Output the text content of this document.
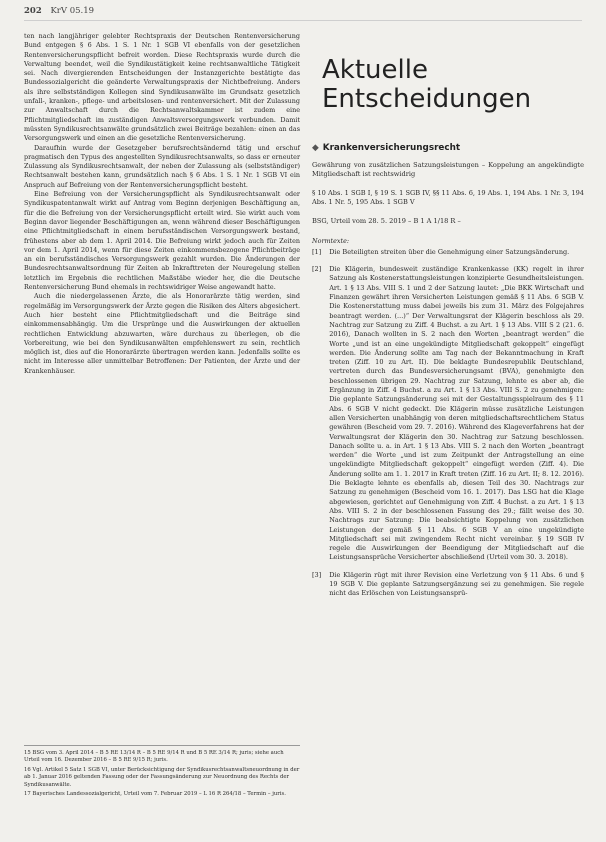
202 KrV 05.19

ten nach langjähriger gelebter Rechtspraxis der Deutschen Rentenversicherung Bund entgegen § 6 Abs. 1 S. 1 Nr. 1 SGB VI ebenfalls von der gesetzlichen Rentenversicherungspflicht befreit worden. Diese Rechtspraxis wurde durch die Verwaltung beendet, weil die Syndikustätigkeit keine rechtsanwaltliche Tätigkeit sei. Nach divergierenden Entscheidungen der Instanzgerichte bestätigte das Bundessozialgericht die geänderte Verwaltungspraxis der Nichtbefreiung. Anders als ihre selbstständigen Kollegen sind Syndikusanwälte im Grundsatz gesetzlich unfall-, kranken-, pflege- und arbeitslosen- und rentenversichert. Mit der Zulassung zur Anwaltschaft durch die Rechtsanwaltskammer ist zudem eine Pflichtmitgliedschaft im zuständigen Anwaltsversorgungswerk verbunden. Damit müssten Syndikusrechtsanwälte grundsätzlich zwei Beiträge bezahlen: einen an das Versorgungswerk und einen an die gesetzliche Rentenversicherung.

Daraufhin wurde der Gesetzgeber berufsrechtsändernd tätig und erschuf pragmatisch den Typus des angestellten Syndikusrechtsanwalts, so dass er erneuter Zulassung als Syndikusrechtsanwalt, der neben der Zulassung als (selbstständiger) Rechtsanwalt bestehen kann, grundsätzlich nach § 6 Abs. 1 S. 1 Nr. 1 SGB VI ein Anspruch auf Befreiung von der Rentenversicherungspflicht besteht.

Eine Befreiung von der Versicherungspflicht als Syndikusrechtsanwalt oder Syndikuspatentanwalt wirkt auf Antrag vom Beginn derjenigen Beschäftigung an, für die die Befreiung von der Versicherungspflicht erteilt wird. Sie wirkt auch vom Beginn davor liegender Beschäftigungen an, wenn während dieser Beschäftigungen eine Pflichtmitgliedschaft in einem berufsständischen Versorgungswerk bestand, frühestens aber ab dem 1. April 2014. Die Befreiung wirkt jedoch auch für Zeiten vor dem 1. April 2014, wenn für diese Zeiten einkommensbezogene Pflichtbeiträge an ein berufsständisches Versorgungswerk gezahlt wurden. Die Änderungen der Bundesrechtsanwaltsordnung für Zeiten ab Inkrafttreten der Neuregelung stellen letztlich im Ergebnis die rechtlichen Maßstäbe wieder her, die die Deutsche Rentenversicherung Bund ehemals in rechtswidriger Weise angewandt hatte.

Auch die niedergelassenen Ärzte, die als Honorarärzte tätig werden, sind regelmäßig im Versorgungswerk der Ärzte gegen die Risiken des Alters abgesichert. Auch hier besteht eine Pflichtmitgliedschaft und die Beiträge sind einkommensabhängig. Um die Ursprünge und die Auswirkungen der aktuellen rechtlichen Entwicklung abzuwarten, wäre durchaus zu überlegen, ob die Vorbereitung, wie bei den Syndikusanwälten empfehlenswert zu sein, rechtlich möglich ist, dies auf die Honorarärzte übertragen werden kann. Jedenfalls sollte es nicht im Interesse aller unmittelbar Betroffenen: Der Patienten, der Ärzte und der Krankenhäuser.

15 BSG vom 3. April 2014 – B 5 RE 13/14 R – B 5 RE 9/14 R und B 5 RE 3/14 R; juris; siehe auch Urteil vom 16. Dezember 2016 – B 5 RE 9/15 R; juris.
16 Vgl. Artikel 5 Satz 1 SGB VI, unter Berücksichtigung der Syndikusrechtsanwaltsneuordnung in der ab 1. Januar 2016 geltenden Fassung oder der Fassungsänderung zur Neuordnung des Rechts der Syndikusanwälte.
17 Bayerisches Landessozialgericht, Urteil vom 7. Februar 2019 – L 16 R 264/18 – Termin – juris.
Aktuelle
Entscheidungen
◆ Krankenversicherungsrecht
Gewährung von zusätzlichen Satzungsleistungen – Koppelung an angekündigte Mitgliedschaft ist rechtswidrig
§ 10 Abs. 1 SGB I, § 19 S. 1 SGB IV, §§ 11 Abs. 6, 19 Abs. 1, 194 Abs. 1 Nr. 3, 194 Abs. 1 Nr. 5, 195 Abs. 1 SGB V
BSG, Urteil vom 28. 5. 2019 – B 1 A 1/18 R –
Normtexte:
[1] Die Beteiligten streiten über die Genehmigung einer Satzungsänderung.

[2] Die Klägerin, bundesweit zuständige Krankenkasse (KK) regelt in ihrer Satzung als Kostenerstattungsleistungen konzipierte Gesundheitsleistungen. Art. 1 § 13 Abs. VIII S. 1 und 2 der Satzung lautet: „Die BKK Wirtschaft und Finanzen gewährt ihren Versicherten Leistungen gemäß § 11 Abs. 6 SGB V. Die Kostenerstattung muss dabei jeweils bis zum 31. März des Folgejahres beantragt werden. (...)“ Der Verwaltungsrat der Klägerin beschloss als 29. Nachtrag zur Satzung zu Ziff. 4 Buchst. a zu Art. 1 § 13 Abs. VIII S 2 (21. 6. 2016), Danach wollten in S. 2 nach den Worten „beantragt werden“ die Worte „und ist an eine ungekündigte Mitgliedschaft gekoppelt“ eingefügt werden. Die Änderung sollte am Tag nach der Bekanntmachung in Kraft treten (Ziff. 10 zu Art. II). Die beklagte Bundesrepublik Deutschland, vertreten durch das Bundesversicherungsamt (BVA), genehmigte den beschlossenen übrigen 29. Nachtrag zur Satzung, lehnte es aber ab, die Ergänzung in Ziff. 4 Buchst. a zu Art. 1 § 13 Abs. VIII S. 2 zu genehmigen: Die geplante Satzungsänderung sei mit der Gestaltungsspielraum des § 11 Abs. 6 SGB V nicht gedeckt. Die Klägerin müsse zusätzliche Leistungen allen Versicherten unabhängig von deren mitgliedschaftsrechtlichem Status gewähren (Bescheid vom 29. 7. 2016). Während des Klageverfahrens hat der Verwaltungsrat der Klägerin den 30. Nachtrag zur Satzung beschlossen. Danach sollte u. a. in Art. 1 § 13 Abs. VIII S. 2 nach den Worten „beantragt werden“ die Worte „und ist zum Zeitpunkt der Antragstellung an eine ungekündigte Mitgliedschaft gekoppelt“ eingefügt werden (Ziff. 4). Die Änderung sollte am 1. 1. 2017 in Kraft treten (Ziff. 16 zu Art. II; 8. 12. 2016). Die Beklagte lehnte es ebenfalls ab, diesen Teil des 30. Nachtrags zur Satzung zu genehmigen (Bescheid vom 16. 1. 2017). Das LSG hat die Klage abgewiesen, gerichtet auf Genehmigung von Ziff. 4 Buchst. a zu Art. 1 § 13 Abs. VIII S. 2 in der beschlossenen Fassung des 29.; fällt weise des 30. Nachtrags zur Satzung: Die beabsichtigte Koppelung von zusätzlichen Leistungen der gemäß § 11 Abs. 6 SGB V an eine ungekündigte Mitgliedschaft sei mit zwingendem Recht nicht vereinbar. § 19 SGB IV regele die Auswirkungen der Beendigung der Mitgliedschaft auf die Leistungsansprüche Versicherter abschließend (Urteil vom 30. 3. 2018).

[3] Die Klägerin rügt mit ihrer Revision eine Verletzung von § 11 Abs. 6 und § 19 SGB V. Die geplante Satzungsergänzung sei zu genehmigen. Sie regele nicht das Erlöschen von Leistungsansprü-
